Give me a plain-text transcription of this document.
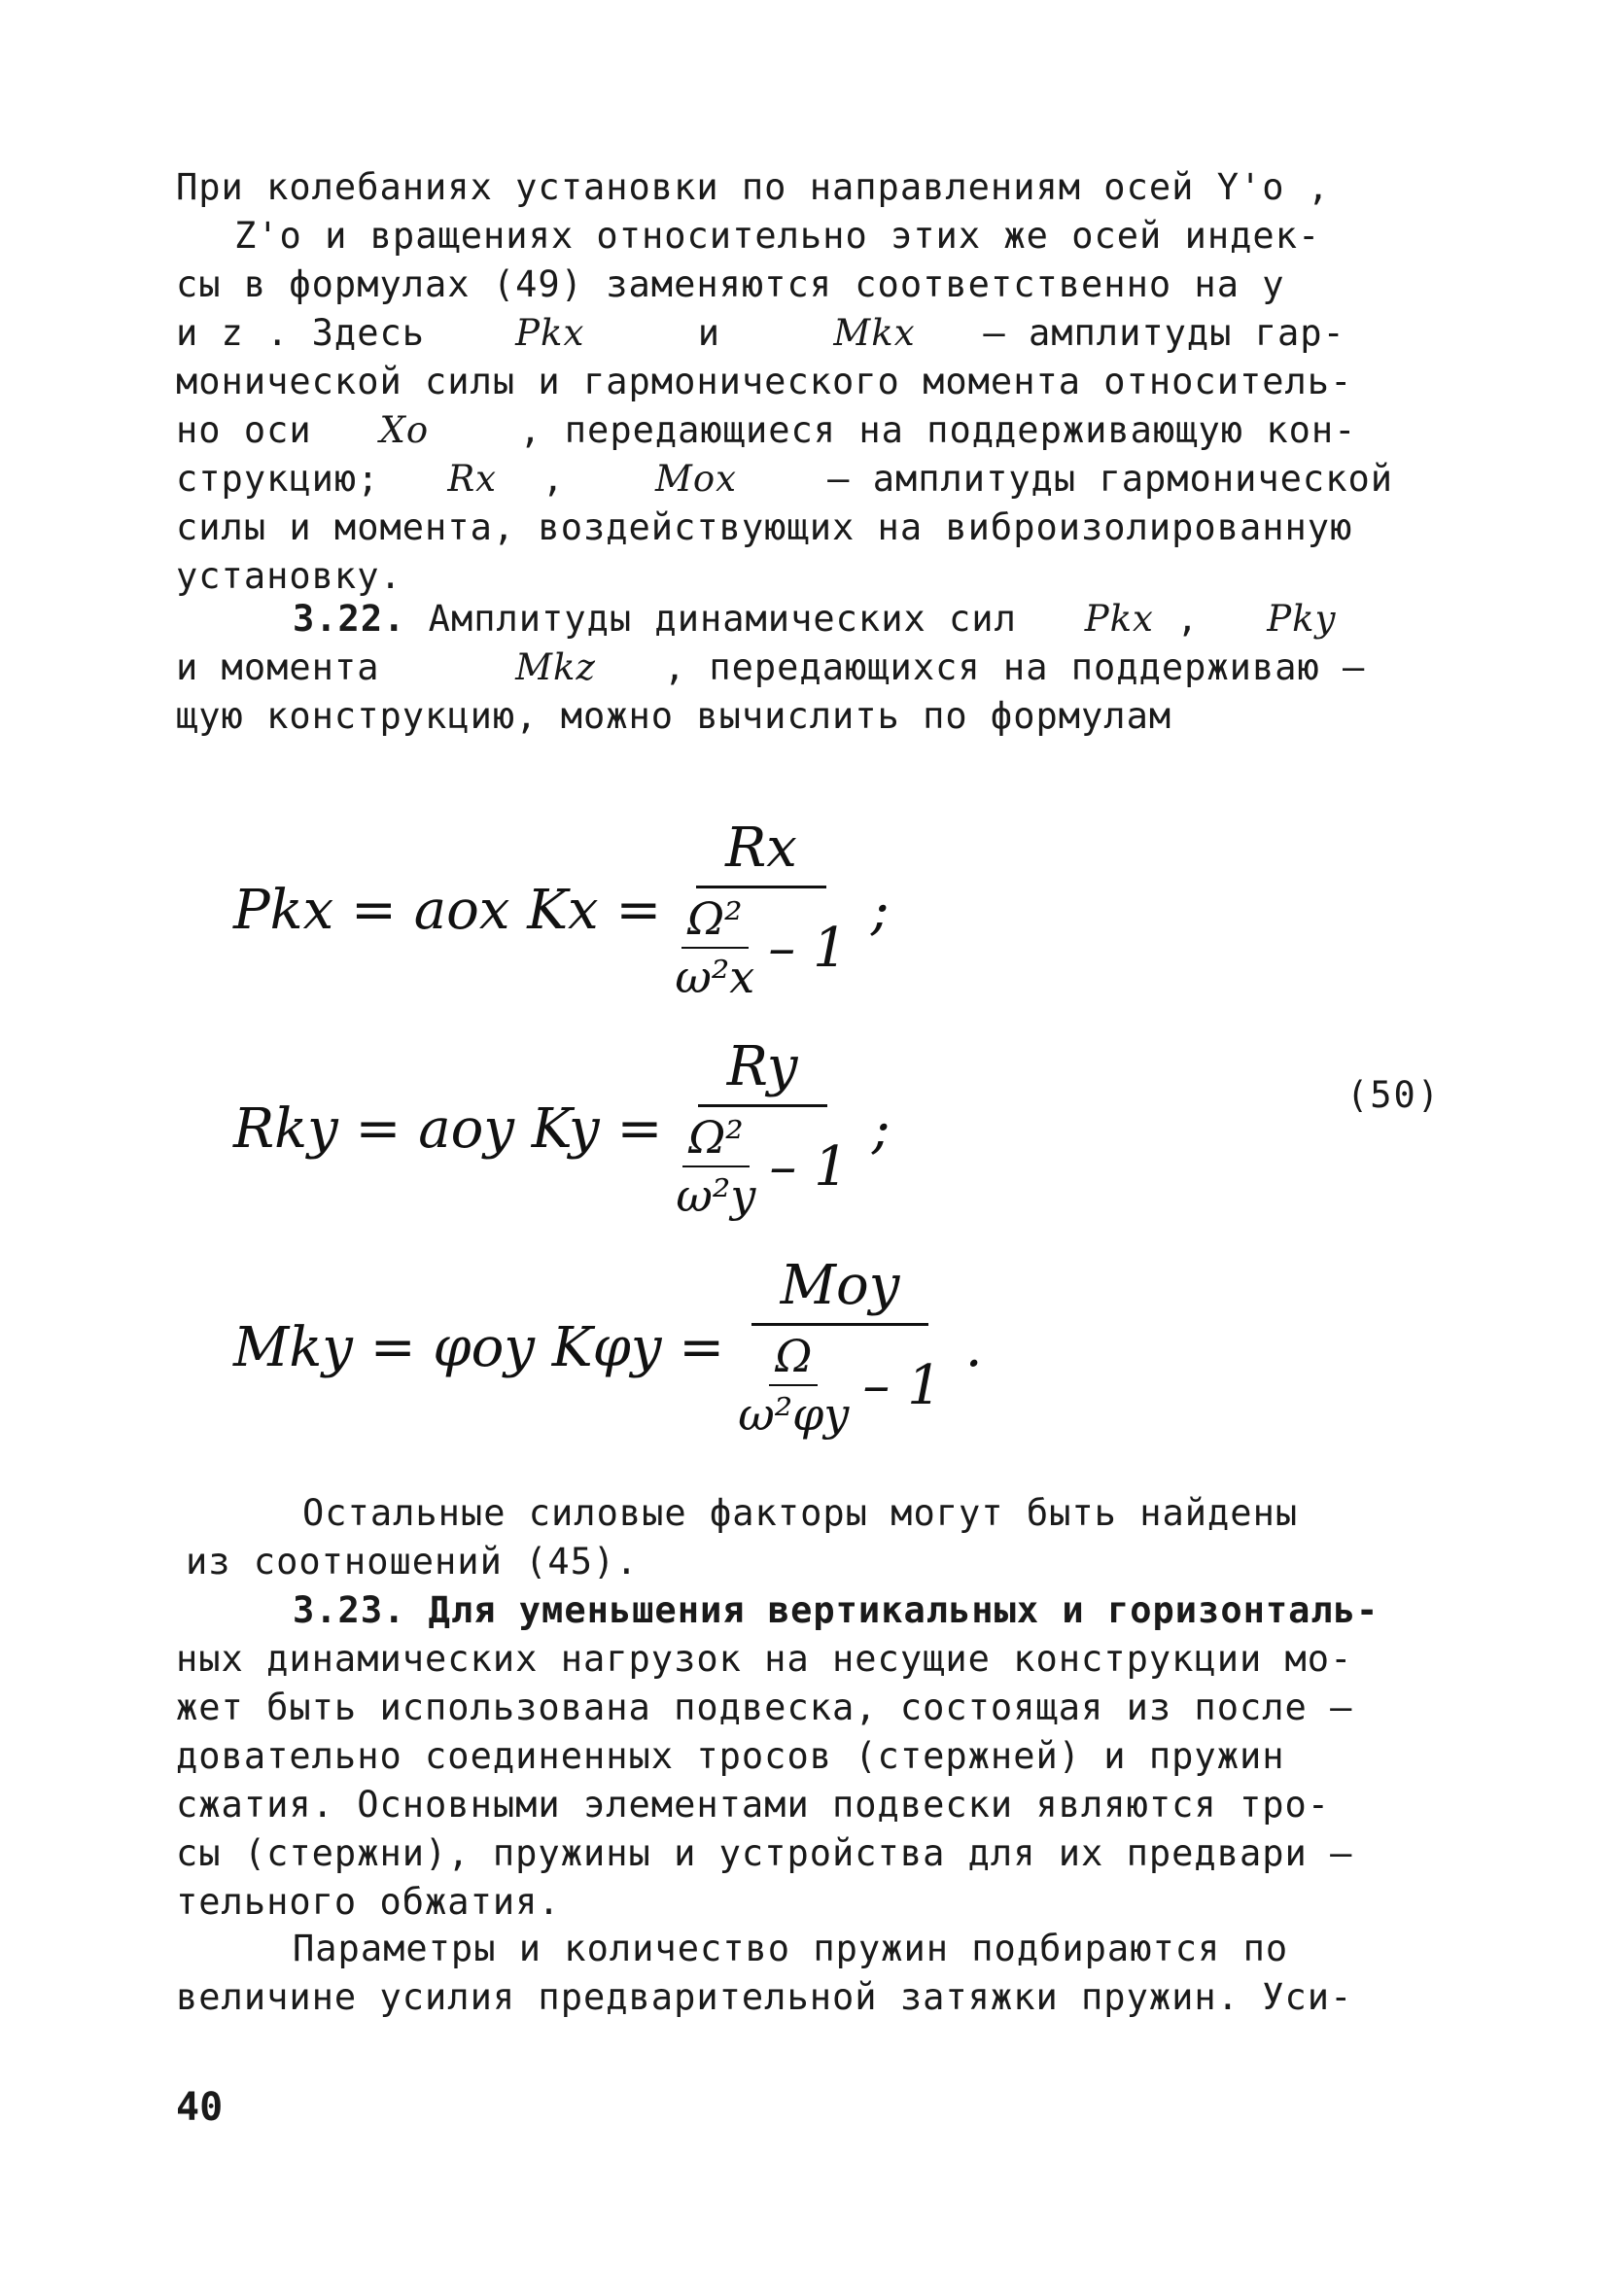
При колебаниях установки по направлениям осей Y'o ,
Z'o и вращениях относительно этих же осей индек-
сы в формулах (49) заменяются соответственно на y
и z . Здесь	Pkx	и	Mkx – амплитуды гар-
монической силы и гармонического момента относитель-
но оси Xo	, передающиеся на поддерживающую кон-
струкцию; Rx ,	Mox	– амплитуды гармонической
силы и момента, воздействующих на виброизолированную
установку.
3.22. Амплитуды динамических сил Pkx , Pky
и момента	Mkz , передающихся на поддерживаю –
щую конструкцию, можно вычислить по формулам
Pkx = aox $Kx = \frac{Rx}{\frac{\text{Ω²}}{\text{ω²x}} - 1}$ ;
Rky = aoy $Ky = \frac{Ry}{\frac{\text{Ω²}}{\text{ω²y}} - 1}$ ;
Mky = φoy $K\varphi y = \frac{\text{Moy}}{\frac{\Omega}{\text{ω²φy}} - 1}$ .
(50)
Остальные силовые факторы могут быть найдены
из соотношений (45).
3.23. Для уменьшения вертикальных и горизонталь-
ных динамических нагрузок на несущие конструкции мо-
жет быть использована подвеска, состоящая из после –
довательно соединенных тросов (стержней) и пружин
сжатия. Основными элементами подвески являются тро-
сы (стержни), пружины и устройства для их предвари –
тельного обжатия.
Параметры и количество пружин подбираются по
величине усилия предварительной затяжки пружин. Уси-
40
